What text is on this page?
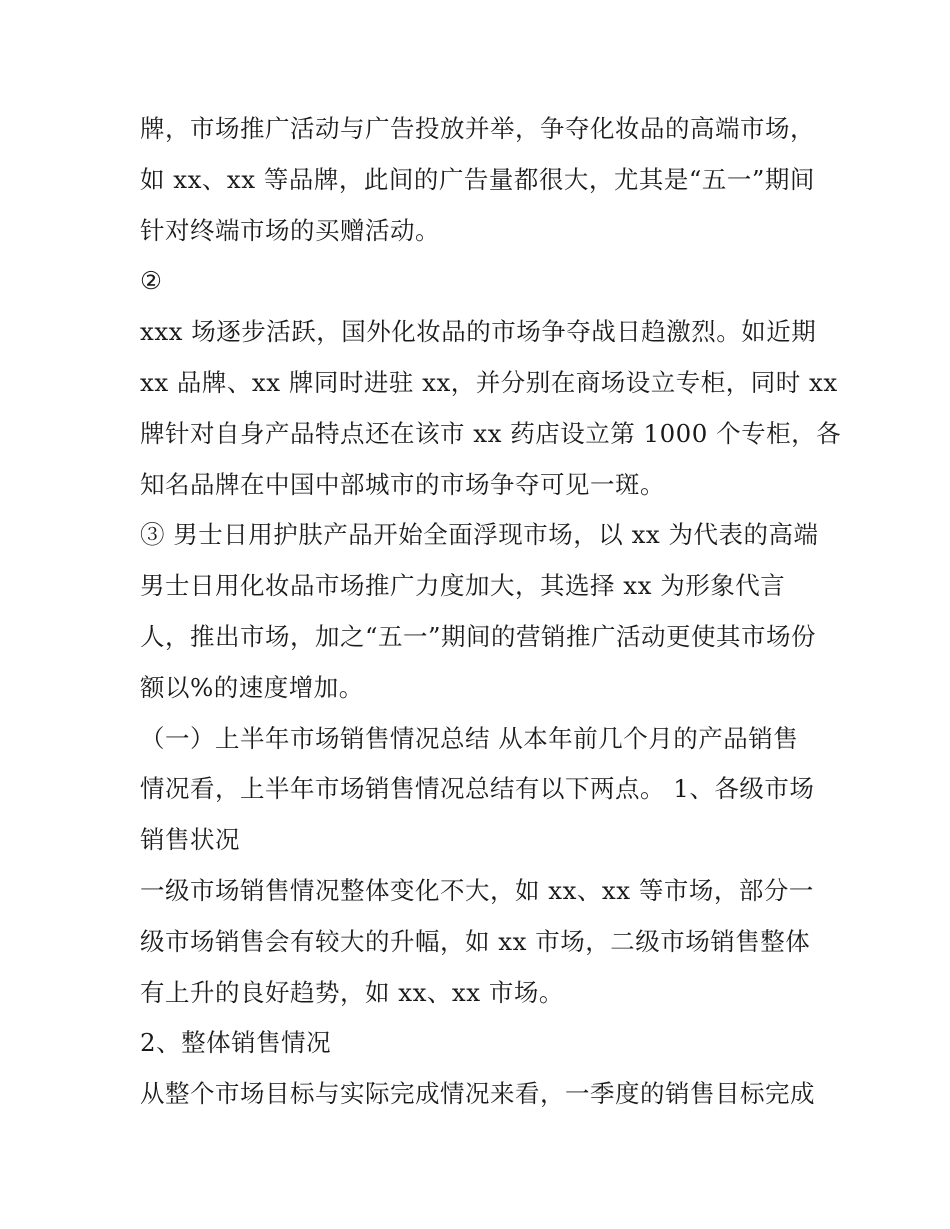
牌，市场推广活动与广告投放并举，争夺化妆品的高端市场，
如 xx、xx 等品牌，此间的广告量都很大，尤其是“五一”期间
针对终端市场的买赠活动。
②
xxx 场逐步活跃，国外化妆品的市场争夺战日趋激烈。如近期
xx 品牌、xx 牌同时进驻 xx，并分别在商场设立专柜，同时 xx
牌针对自身产品特点还在该市 xx 药店设立第 1000 个专柜，各
知名品牌在中国中部城市的市场争夺可见一斑。
③ 男士日用护肤产品开始全面浮现市场，以 xx 为代表的高端
男士日用化妆品市场推广力度加大，其选择 xx 为形象代言
人，推出市场，加之“五一”期间的营销推广活动更使其市场份
额以%的速度增加。
（一）上半年市场销售情况总结 从本年前几个月的产品销售
情况看，上半年市场销售情况总结有以下两点。 1、各级市场
销售状况
一级市场销售情况整体变化不大，如 xx、xx 等市场，部分一
级市场销售会有较大的升幅，如 xx 市场，二级市场销售整体
有上升的良好趋势，如 xx、xx 市场。
2、整体销售情况
从整个市场目标与实际完成情况来看，一季度的销售目标完成
